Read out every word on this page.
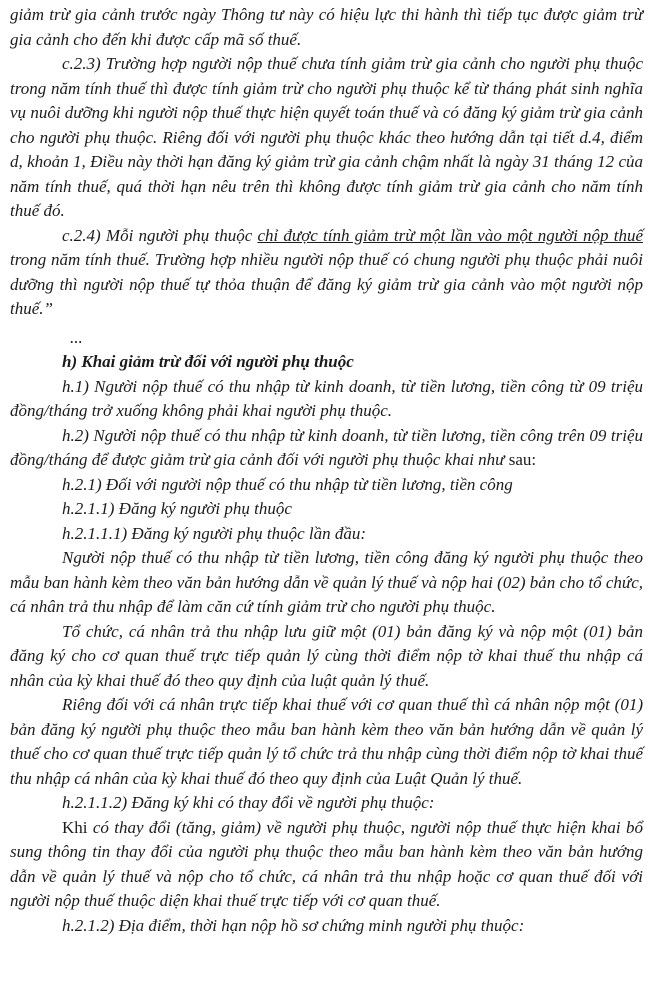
giảm trừ gia cảnh trước ngày Thông tư này có hiệu lực thi hành thì tiếp tục được giảm trừ gia cảnh cho đến khi được cấp mã số thuế.

c.2.3) Trường hợp người nộp thuế chưa tính giảm trừ gia cảnh cho người phụ thuộc trong năm tính thuế thì được tính giảm trừ cho người phụ thuộc kể từ tháng phát sinh nghĩa vụ nuôi dưỡng khi người nộp thuế thực hiện quyết toán thuế và có đăng ký giảm trừ gia cảnh cho người phụ thuộc. Riêng đối với người phụ thuộc khác theo hướng dẫn tại tiết d.4, điểm d, khoản 1, Điều này thời hạn đăng ký giảm trừ gia cảnh chậm nhất là ngày 31 tháng 12 của năm tính thuế, quá thời hạn nêu trên thì không được tính giảm trừ gia cảnh cho năm tính thuế đó.

c.2.4) Mỗi người phụ thuộc chỉ được tính giảm trừ một lần vào một người nộp thuế trong năm tính thuế. Trường hợp nhiều người nộp thuế có chung người phụ thuộc phải nuôi dưỡng thì người nộp thuế tự thỏa thuận để đăng ký giảm trừ gia cảnh vào một người nộp thuế.”

...

h) Khai giảm trừ đối với người phụ thuộc

h.1) Người nộp thuế có thu nhập từ kinh doanh, từ tiền lương, tiền công từ 09 triệu đồng/tháng trở xuống không phải khai người phụ thuộc.

h.2) Người nộp thuế có thu nhập từ kinh doanh, từ tiền lương, tiền công trên 09 triệu đồng/tháng để được giảm trừ gia cảnh đối với người phụ thuộc khai như sau:

h.2.1) Đối với người nộp thuế có thu nhập từ tiền lương, tiền công

h.2.1.1) Đăng ký người phụ thuộc

h.2.1.1.1) Đăng ký người phụ thuộc lần đầu:

Người nộp thuế có thu nhập từ tiền lương, tiền công đăng ký người phụ thuộc theo mẫu ban hành kèm theo văn bản hướng dẫn về quản lý thuế và nộp hai (02) bản cho tổ chức, cá nhân trả thu nhập để làm căn cứ tính giảm trừ cho người phụ thuộc.

Tổ chức, cá nhân trả thu nhập lưu giữ một (01) bản đăng ký và nộp một (01) bản đăng ký cho cơ quan thuế trực tiếp quản lý cùng thời điểm nộp tờ khai thuế thu nhập cá nhân của kỳ khai thuế đó theo quy định của luật quản lý thuế.

Riêng đối với cá nhân trực tiếp khai thuế với cơ quan thuế thì cá nhân nộp một (01) bản đăng ký người phụ thuộc theo mẫu ban hành kèm theo văn bản hướng dẫn về quản lý thuế cho cơ quan thuế trực tiếp quản lý tổ chức trả thu nhập cùng thời điểm nộp tờ khai thuế thu nhập cá nhân của kỳ khai thuế đó theo quy định của Luật Quản lý thuế.

h.2.1.1.2) Đăng ký khi có thay đổi về người phụ thuộc:

Khi có thay đổi (tăng, giảm) về người phụ thuộc, người nộp thuế thực hiện khai bổ sung thông tin thay đổi của người phụ thuộc theo mẫu ban hành kèm theo văn bản hướng dẫn về quản lý thuế và nộp cho tổ chức, cá nhân trả thu nhập hoặc cơ quan thuế đối với người nộp thuế thuộc diện khai thuế trực tiếp với cơ quan thuế.

h.2.1.2) Địa điểm, thời hạn nộp hồ sơ chứng minh người phụ thuộc:
